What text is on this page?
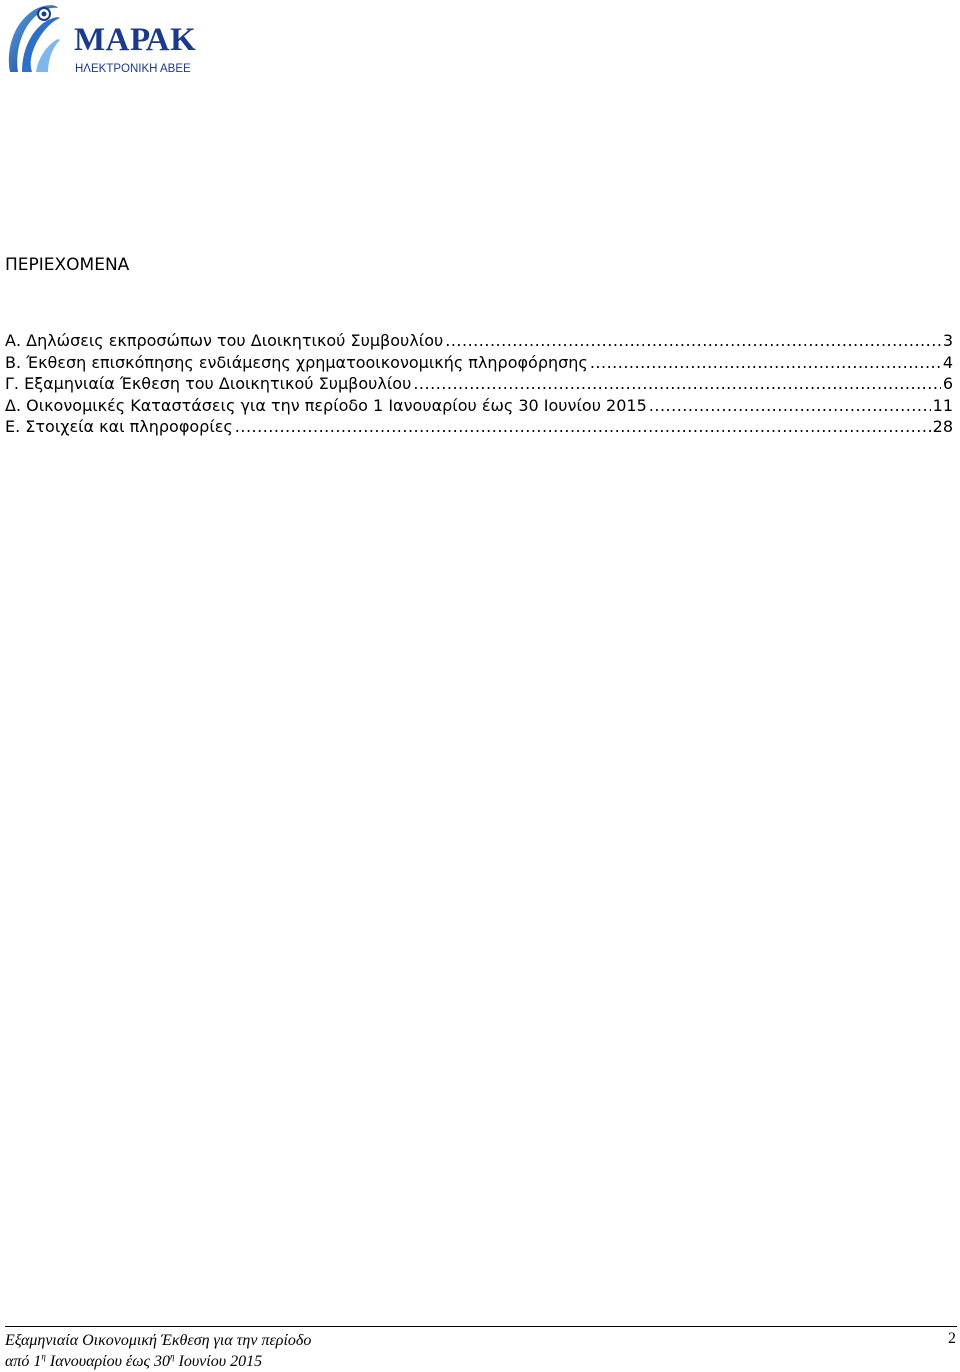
ΜΑΡΑΚ
ΗΛΕΚΤΡΟΝΙΚΗ ΑΒΕΕ
ΠΕΡΙΕΧΟΜΕΝΑ
Α. Δηλώσεις εκπροσώπων του Διοικητικού Συμβουλίου .....	3
Β. Έκθεση επισκόπησης ενδιάμεσης χρηματοοικονομικής πληροφόρησης .....	4
Γ. Εξαμηνιαία Έκθεση του Διοικητικού Συμβουλίου .....	6
Δ. Οικονομικές Καταστάσεις για την περίοδο 1 Ιανουαρίου έως 30 Ιουνίου 2015 .....	11
Ε. Στοιχεία και πληροφορίες .....	28
Εξαμηνιαία Οικονομική Έκθεση για την περίοδο
από $1^\eta$ Ιανουαρίου έως $30^\eta$ Ιουνίου 2015
2
